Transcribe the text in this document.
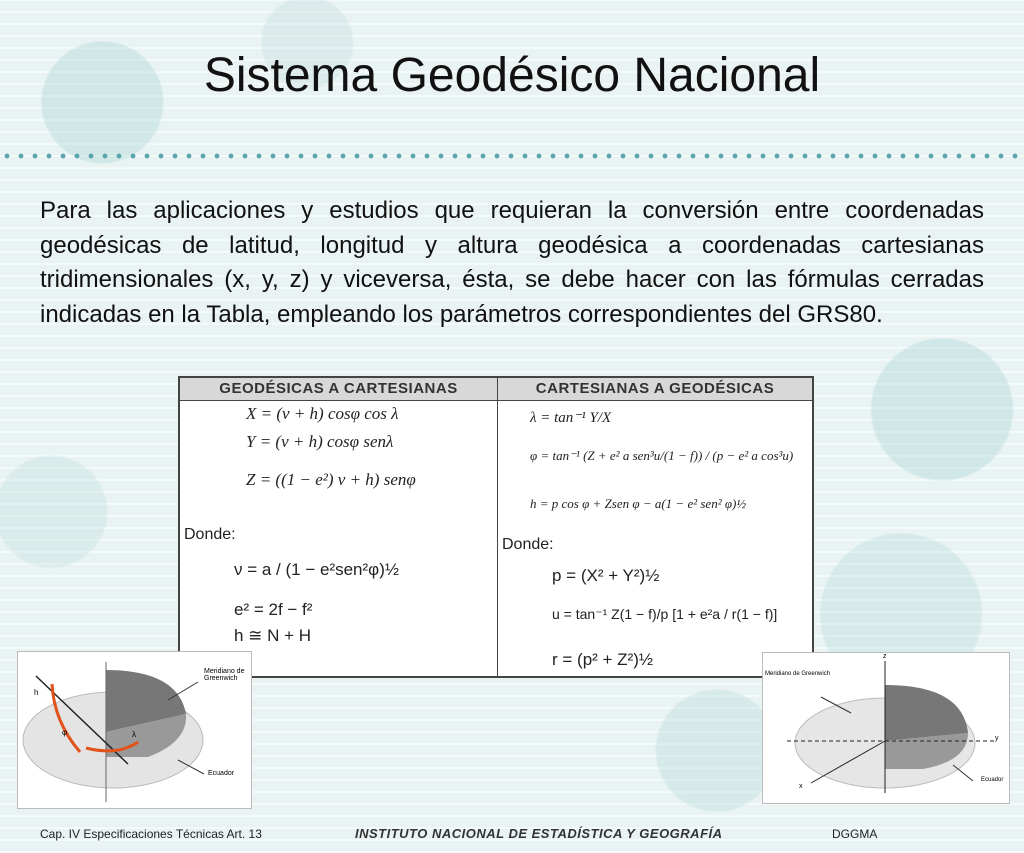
Sistema Geodésico Nacional
Para las aplicaciones y estudios que requieran la conversión entre coordenadas geodésicas de latitud, longitud y altura geodésica a coordenadas cartesianas tridimensionales (x, y, z) y viceversa, ésta, se debe hacer con las fórmulas cerradas indicadas en la Tabla, empleando los parámetros correspondientes del GRS80.
GEODÉSICAS A CARTESIANAS	CARTESIANAS A GEODÉSICAS
X = (ν + h) cosφ cos λ
Y = (ν + h) cosφ senλ
Z = ((1 − e²) ν + h) senφ
Donde:
ν = a / (1 − e²sen²φ)½
e² = 2f − f²
h ≅ N + H
λ = tan⁻¹ Y/X
φ = tan⁻¹ (Z + e² a sen³u/(1 − f)) / (p − e² a cos³u)
h = p cos φ + Zsen φ − a(1 − e² sen² φ)½
Donde:
p = (X² + Y²)½
u = tan⁻¹ Z(1 − f)/p [1 + e²a / r(1 − f)]
r = (p² + Z²)½
Meridiano de Greenwich
Ecuador
h
φ	λ
Meridiano de Greenwich
Ecuador
z
y
x
Cap. IV Especificaciones Técnicas Art. 13	INSTITUTO NACIONAL DE ESTADÍSTICA Y GEOGRAFÍA	DGGMA
